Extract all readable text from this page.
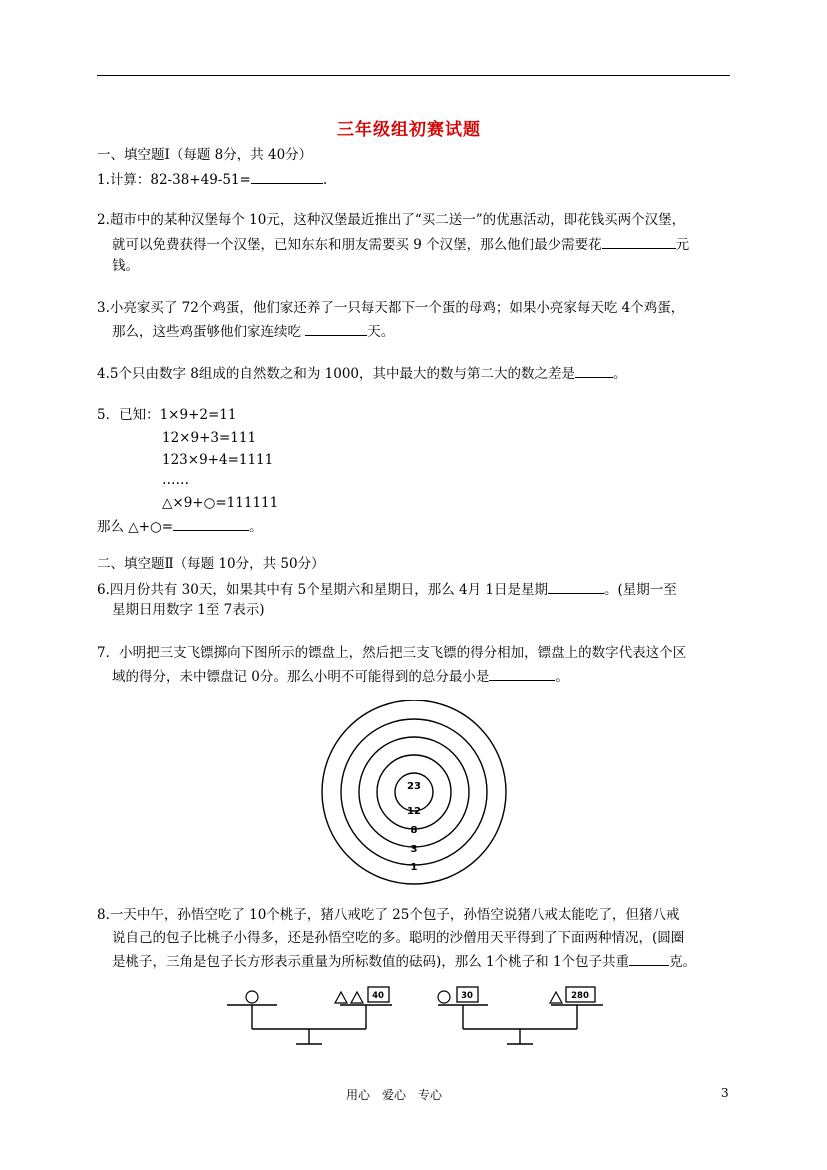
三年级组初赛试题
一、填空题Ⅰ（每题 8分，共 40分）
1.计算：82-38+49-51=	.
2.超市中的某种汉堡每个 10元，这种汉堡最近推出了“买二送一”的优惠活动，即花钱买两个汉堡，
就可以免费获得一个汉堡，已知东东和朋友需要买 9 个汉堡，那么他们最少需要花	元
钱。
3.小亮家买了 72个鸡蛋，他们家还养了一只每天都下一个蛋的母鸡；如果小亮家每天吃 4个鸡蛋，
那么，这些鸡蛋够他们家连续吃	天。
4.5个只由数字 8组成的自然数之和为 1000，其中最大的数与第二大的数之差是	。
5．已知：1×9+2=11
12×9+3=111
123×9+4=1111
……
△×9+○=111111
那么 △+○=	。
二、填空题Ⅱ（每题 10分，共 50分）
6.四月份共有 30天，如果其中有 5个星期六和星期日，那么 4月 1日是星期	。(星期一至
星期日用数字 1至 7表示)
7．小明把三支飞镖掷向下图所示的镖盘上，然后把三支飞镖的得分相加，镖盘上的数字代表这个区
域的得分，未中镖盘记 0分。那么小明不可能得到的总分最小是	。
23
12
8
3
1
8.一天中午，孙悟空吃了 10个桃子，猪八戒吃了 25个包子，孙悟空说猪八戒太能吃了，但猪八戒
说自己的包子比桃子小得多，还是孙悟空吃的多。聪明的沙僧用天平得到了下面两种情况，(圆圈
是桃子，三角是包子长方形表示重量为所标数值的砝码)，那么 1个桃子和 1个包子共重	克。
40	30	280
用心　爱心　专心	3
